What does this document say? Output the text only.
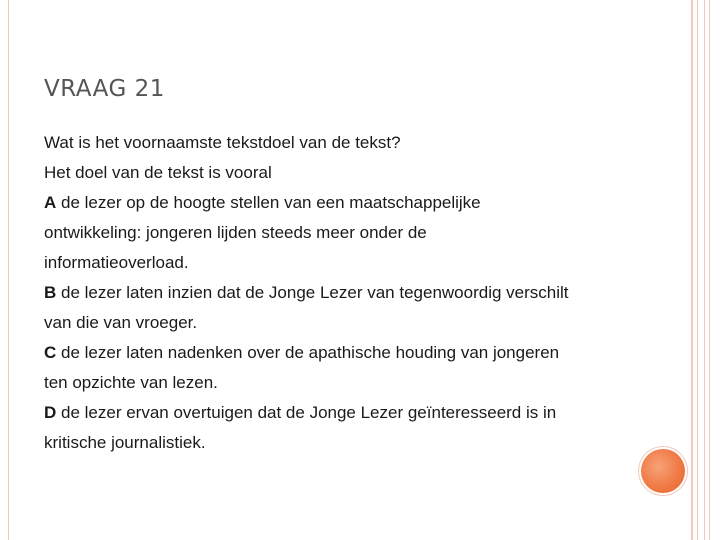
VRAAG 21
Wat is het voornaamste tekstdoel van de tekst?
Het doel van de tekst is vooral
A de lezer op de hoogte stellen van een maatschappelijke
ontwikkeling: jongeren lijden steeds meer onder de
informatieoverload.
B de lezer laten inzien dat de Jonge Lezer van tegenwoordig verschilt
van die van vroeger.
C de lezer laten nadenken over de apathische houding van jongeren
ten opzichte van lezen.
D de lezer ervan overtuigen dat de Jonge Lezer geïnteresseerd is in
kritische journalistiek.
